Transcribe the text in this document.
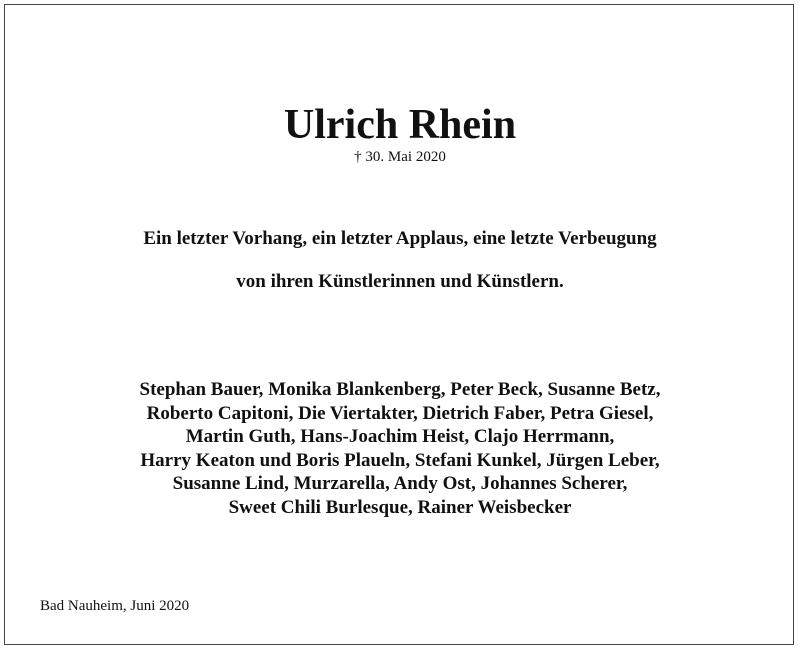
Ulrich Rhein
† 30. Mai 2020
Ein letzter Vorhang, ein letzter Applaus, eine letzte Verbeugung
von ihren Künstlerinnen und Künstlern.
Stephan Bauer, Monika Blankenberg, Peter Beck, Susanne Betz,
Roberto Capitoni, Die Viertakter, Dietrich Faber, Petra Giesel,
Martin Guth, Hans-Joachim Heist, Clajo Herrmann,
Harry Keaton und Boris Plaueln, Stefani Kunkel, Jürgen Leber,
Susanne Lind, Murzarella, Andy Ost, Johannes Scherer,
Sweet Chili Burlesque, Rainer Weisbecker
Bad Nauheim, Juni 2020
